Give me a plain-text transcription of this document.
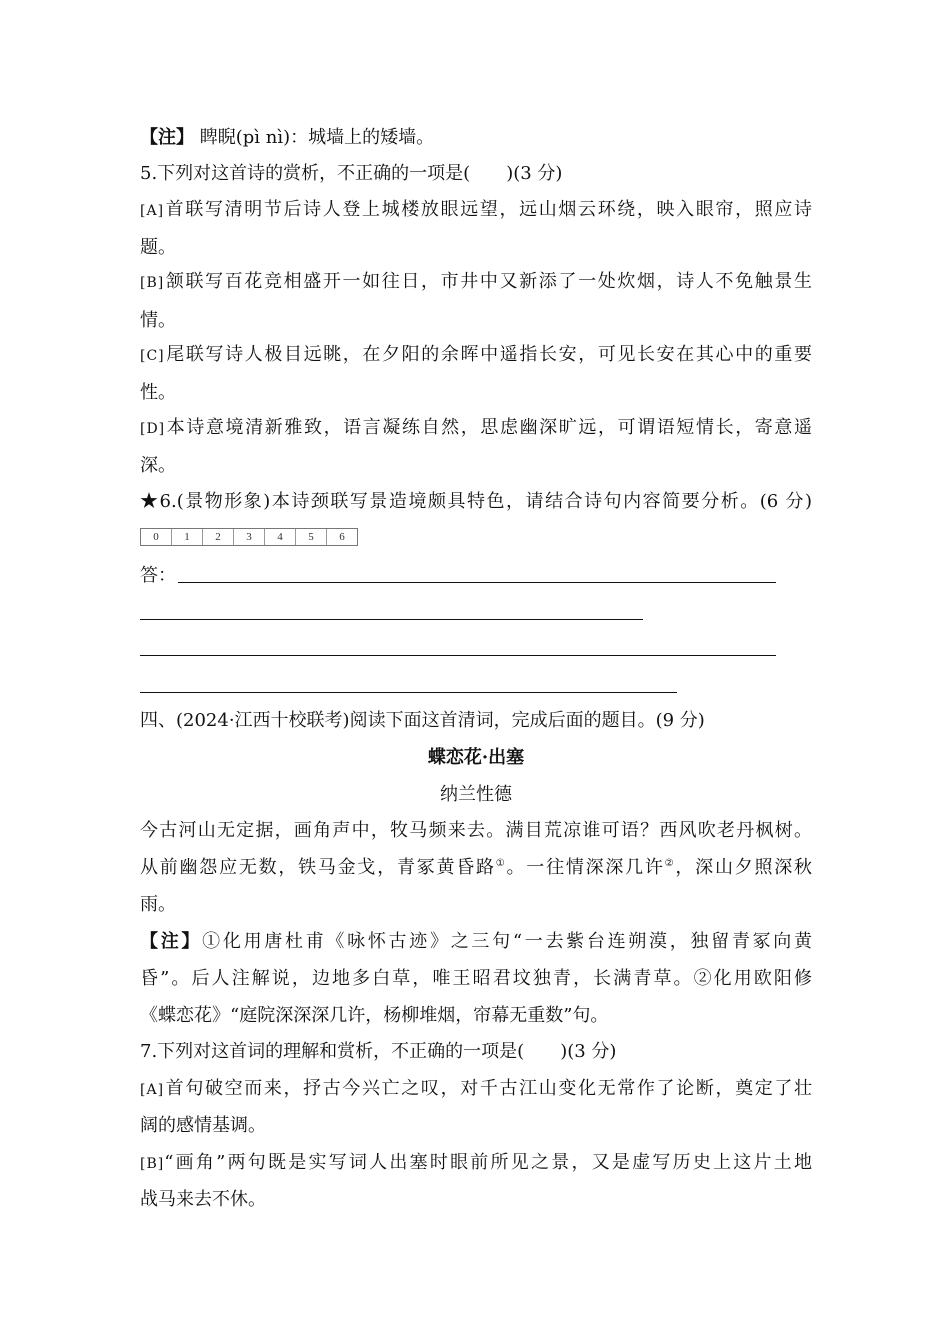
【注】 睥睨(pì nì)：城墙上的矮墙。
5.下列对这首诗的赏析，不正确的一项是(　　)(3 分)
[A]首联写清明节后诗人登上城楼放眼远望，远山烟云环绕，映入眼帘，照应诗
题。
[B]颔联写百花竞相盛开一如往日，市井中又新添了一处炊烟，诗人不免触景生
情。
[C]尾联写诗人极目远眺，在夕阳的余晖中遥指长安，可见长安在其心中的重要
性。
[D]本诗意境清新雅致，语言凝练自然，思虑幽深旷远，可谓语短情长，寄意遥
深。
★6.(景物形象)本诗颈联写景造境颇具特色，请结合诗句内容简要分析。(6 分)
0	1	2	3	4	5	6
答：
四、(2024·江西十校联考)阅读下面这首清词，完成后面的题目。(9 分)
蝶恋花·出塞
纳兰性德
今古河山无定据，画角声中，牧马频来去。满目荒凉谁可语？西风吹老丹枫树。
从前幽怨应无数，铁马金戈，青冢黄昏路①。一往情深深几许②，深山夕照深秋
雨。
【注】①化用唐杜甫《咏怀古迹》之三句“一去紫台连朔漠，独留青冢向黄
昏”。后人注解说，边地多白草，唯王昭君坟独青，长满青草。②化用欧阳修
《蝶恋花》“庭院深深深几许，杨柳堆烟，帘幕无重数”句。
7.下列对这首词的理解和赏析，不正确的一项是(　　)(3 分)
[A]首句破空而来，抒古今兴亡之叹，对千古江山变化无常作了论断，奠定了壮
阔的感情基调。
[B]“画角”两句既是实写词人出塞时眼前所见之景，又是虚写历史上这片土地
战马来去不休。
